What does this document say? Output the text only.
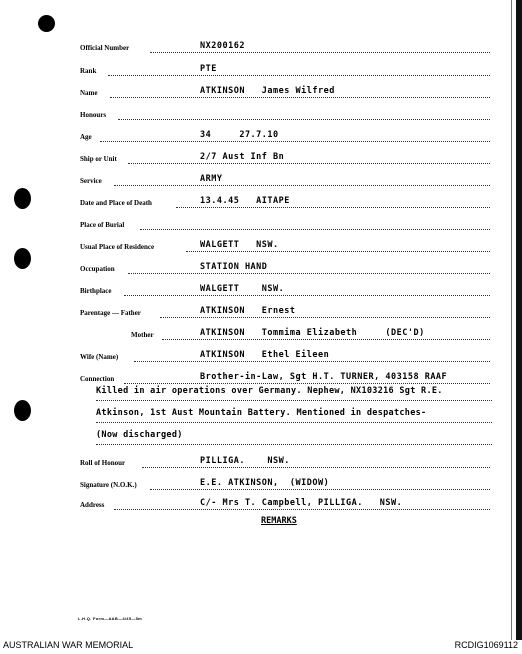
Official Number	NX200162
Rank	PTE
Name	ATKINSON   James Wilfred
Honours
Age	34     27.7.10
Ship or Unit	2/7 Aust Inf Bn
Service	ARMY
Date and Place of Death	13.4.45   AITAPE
Place of Burial
Usual Place of Residence	WALGETT   NSW.
Occupation	STATION HAND
Birthplace	WALGETT    NSW.
Parentage — Father	ATKINSON   Ernest
Mother	ATKINSON   Tommima Elizabeth     (DEC'D)
Wife (Name)	ATKINSON   Ethel Eileen
Connection	Brother-in-Law, Sgt H.T. TURNER, 403158 RAAF
Killed in air operations over Germany. Nephew, NX103216 Sgt R.E.
Atkinson, 1st Aust Mountain Battery. Mentioned in despatches-
(Now discharged)
Roll of Honour	PILLIGA.    NSW.
Signature (N.O.K.)	E.E. ATKINSON,  (WIDOW)
Address	C/- Mrs T. Campbell, PILLIGA.   NSW.
REMARKS
L.H.Q. Form—AAB—4/45—5m
AUSTRALIAN WAR MEMORIAL	RCDIG1069112
